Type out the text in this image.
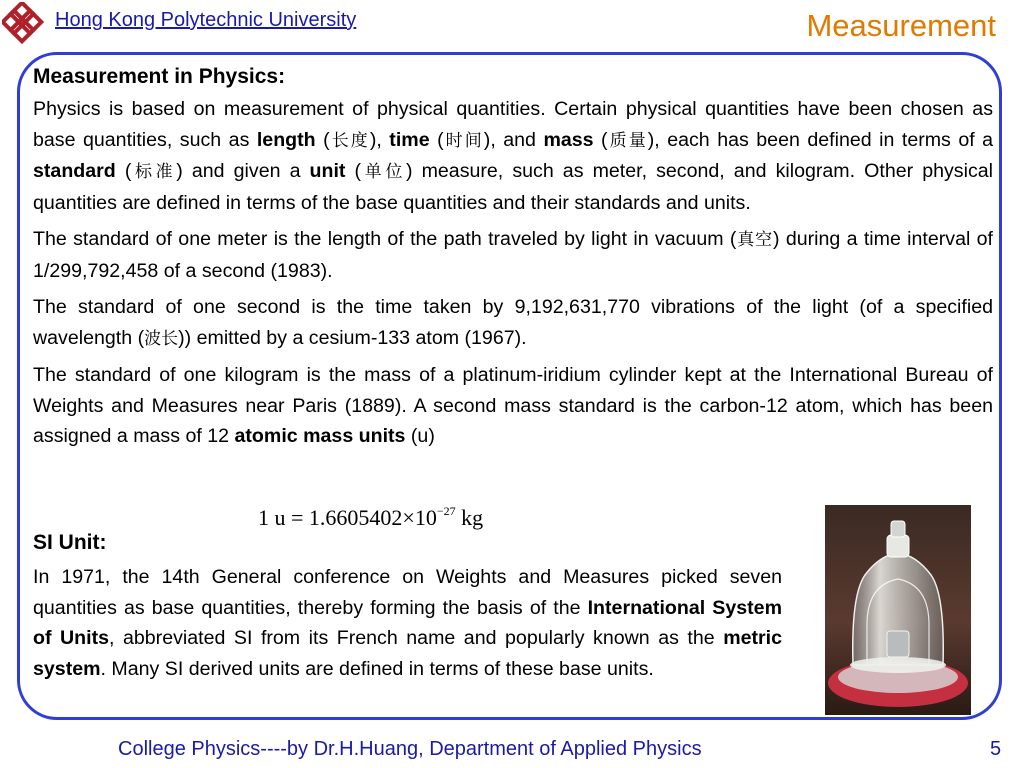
Hong Kong Polytechnic University	Measurement
Measurement in Physics:

Physics is based on measurement of physical quantities. Certain physical quantities have been chosen as base quantities, such as length (长度), time (时间), and mass (质量), each has been defined in terms of a standard (标准) and given a unit (单位) measure, such as meter, second, and kilogram. Other physical quantities are defined in terms of the base quantities and their standards and units.

The standard of one meter is the length of the path traveled by light in vacuum (真空) during a time interval of 1/299,792,458 of a second (1983).

The standard of one second is the time taken by 9,192,631,770 vibrations of the light (of a specified wavelength (波长)) emitted by a cesium-133 atom (1967).

The standard of one kilogram is the mass of a platinum-iridium cylinder kept at the International Bureau of Weights and Measures near Paris (1889). A second mass standard is the carbon-12 atom, which has been assigned a mass of 12 atomic mass units (u)

1 $u = 1.6605402\times 10^{-27}$ kg
SI Unit:
In 1971, the 14th General conference on Weights and Measures picked seven quantities as base quantities, thereby forming the basis of the International System of Units, abbreviated SI from its French name and popularly known as the metric system. Many SI derived units are defined in terms of these base units.
College Physics----by Dr.H.Huang, Department of Applied Physics	5
